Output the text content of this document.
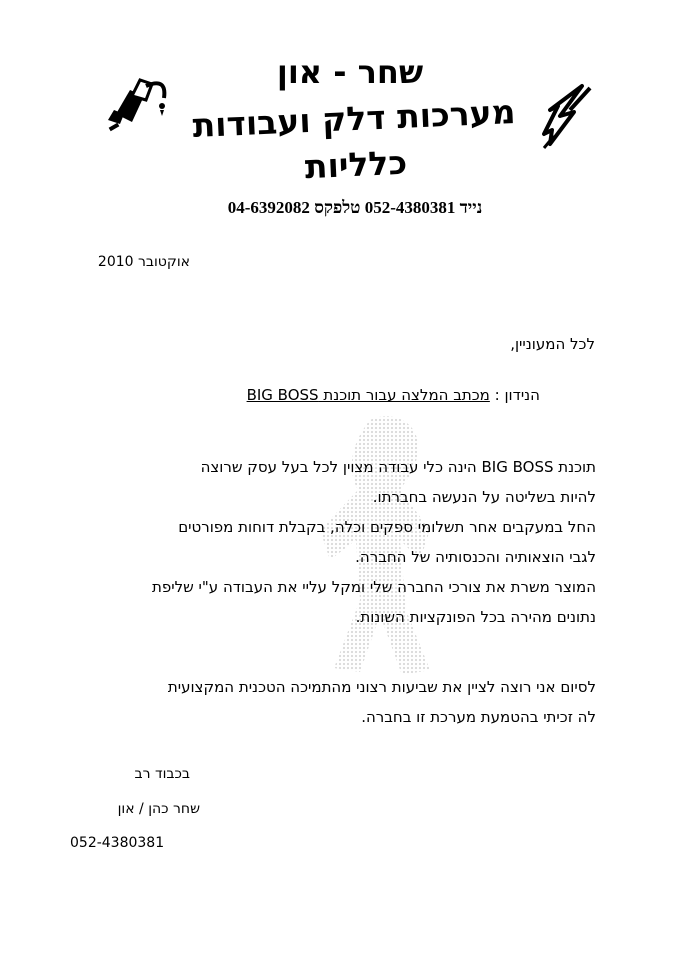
שחר - און
מערכות דלק ועבודות כלליות
נייד 052-4380381 טלפקס 04-6392082
אוקטובר 2010
לכל המעוניין,
הנידון : מכתב המלצה עבור תוכנת BIG BOSS

תוכנת BIG BOSS הינה כלי עבודה מצוין לכל בעל עסק שרוצה

להיות בשליטה על הנעשה בחברתו.

החל במעקבים אחר תשלומי ספקים וכלה, בקבלת דוחות מפורטים

לגבי הוצאותיה והכנסותיה של החברה.

המוצר משרת את צורכי החברה שלי ומקל עליי את העבודה ע"י שליפת

נתונים מהירה בכל הפונקציות השונות.

לסיום אני רוצה לציין את שביעות רצוני מהתמיכה הטכנית המקצועית

לה זכיתי בהטמעת מערכת זו בחברה.

בכבוד רב
שחר כהן / און
052-4380381
